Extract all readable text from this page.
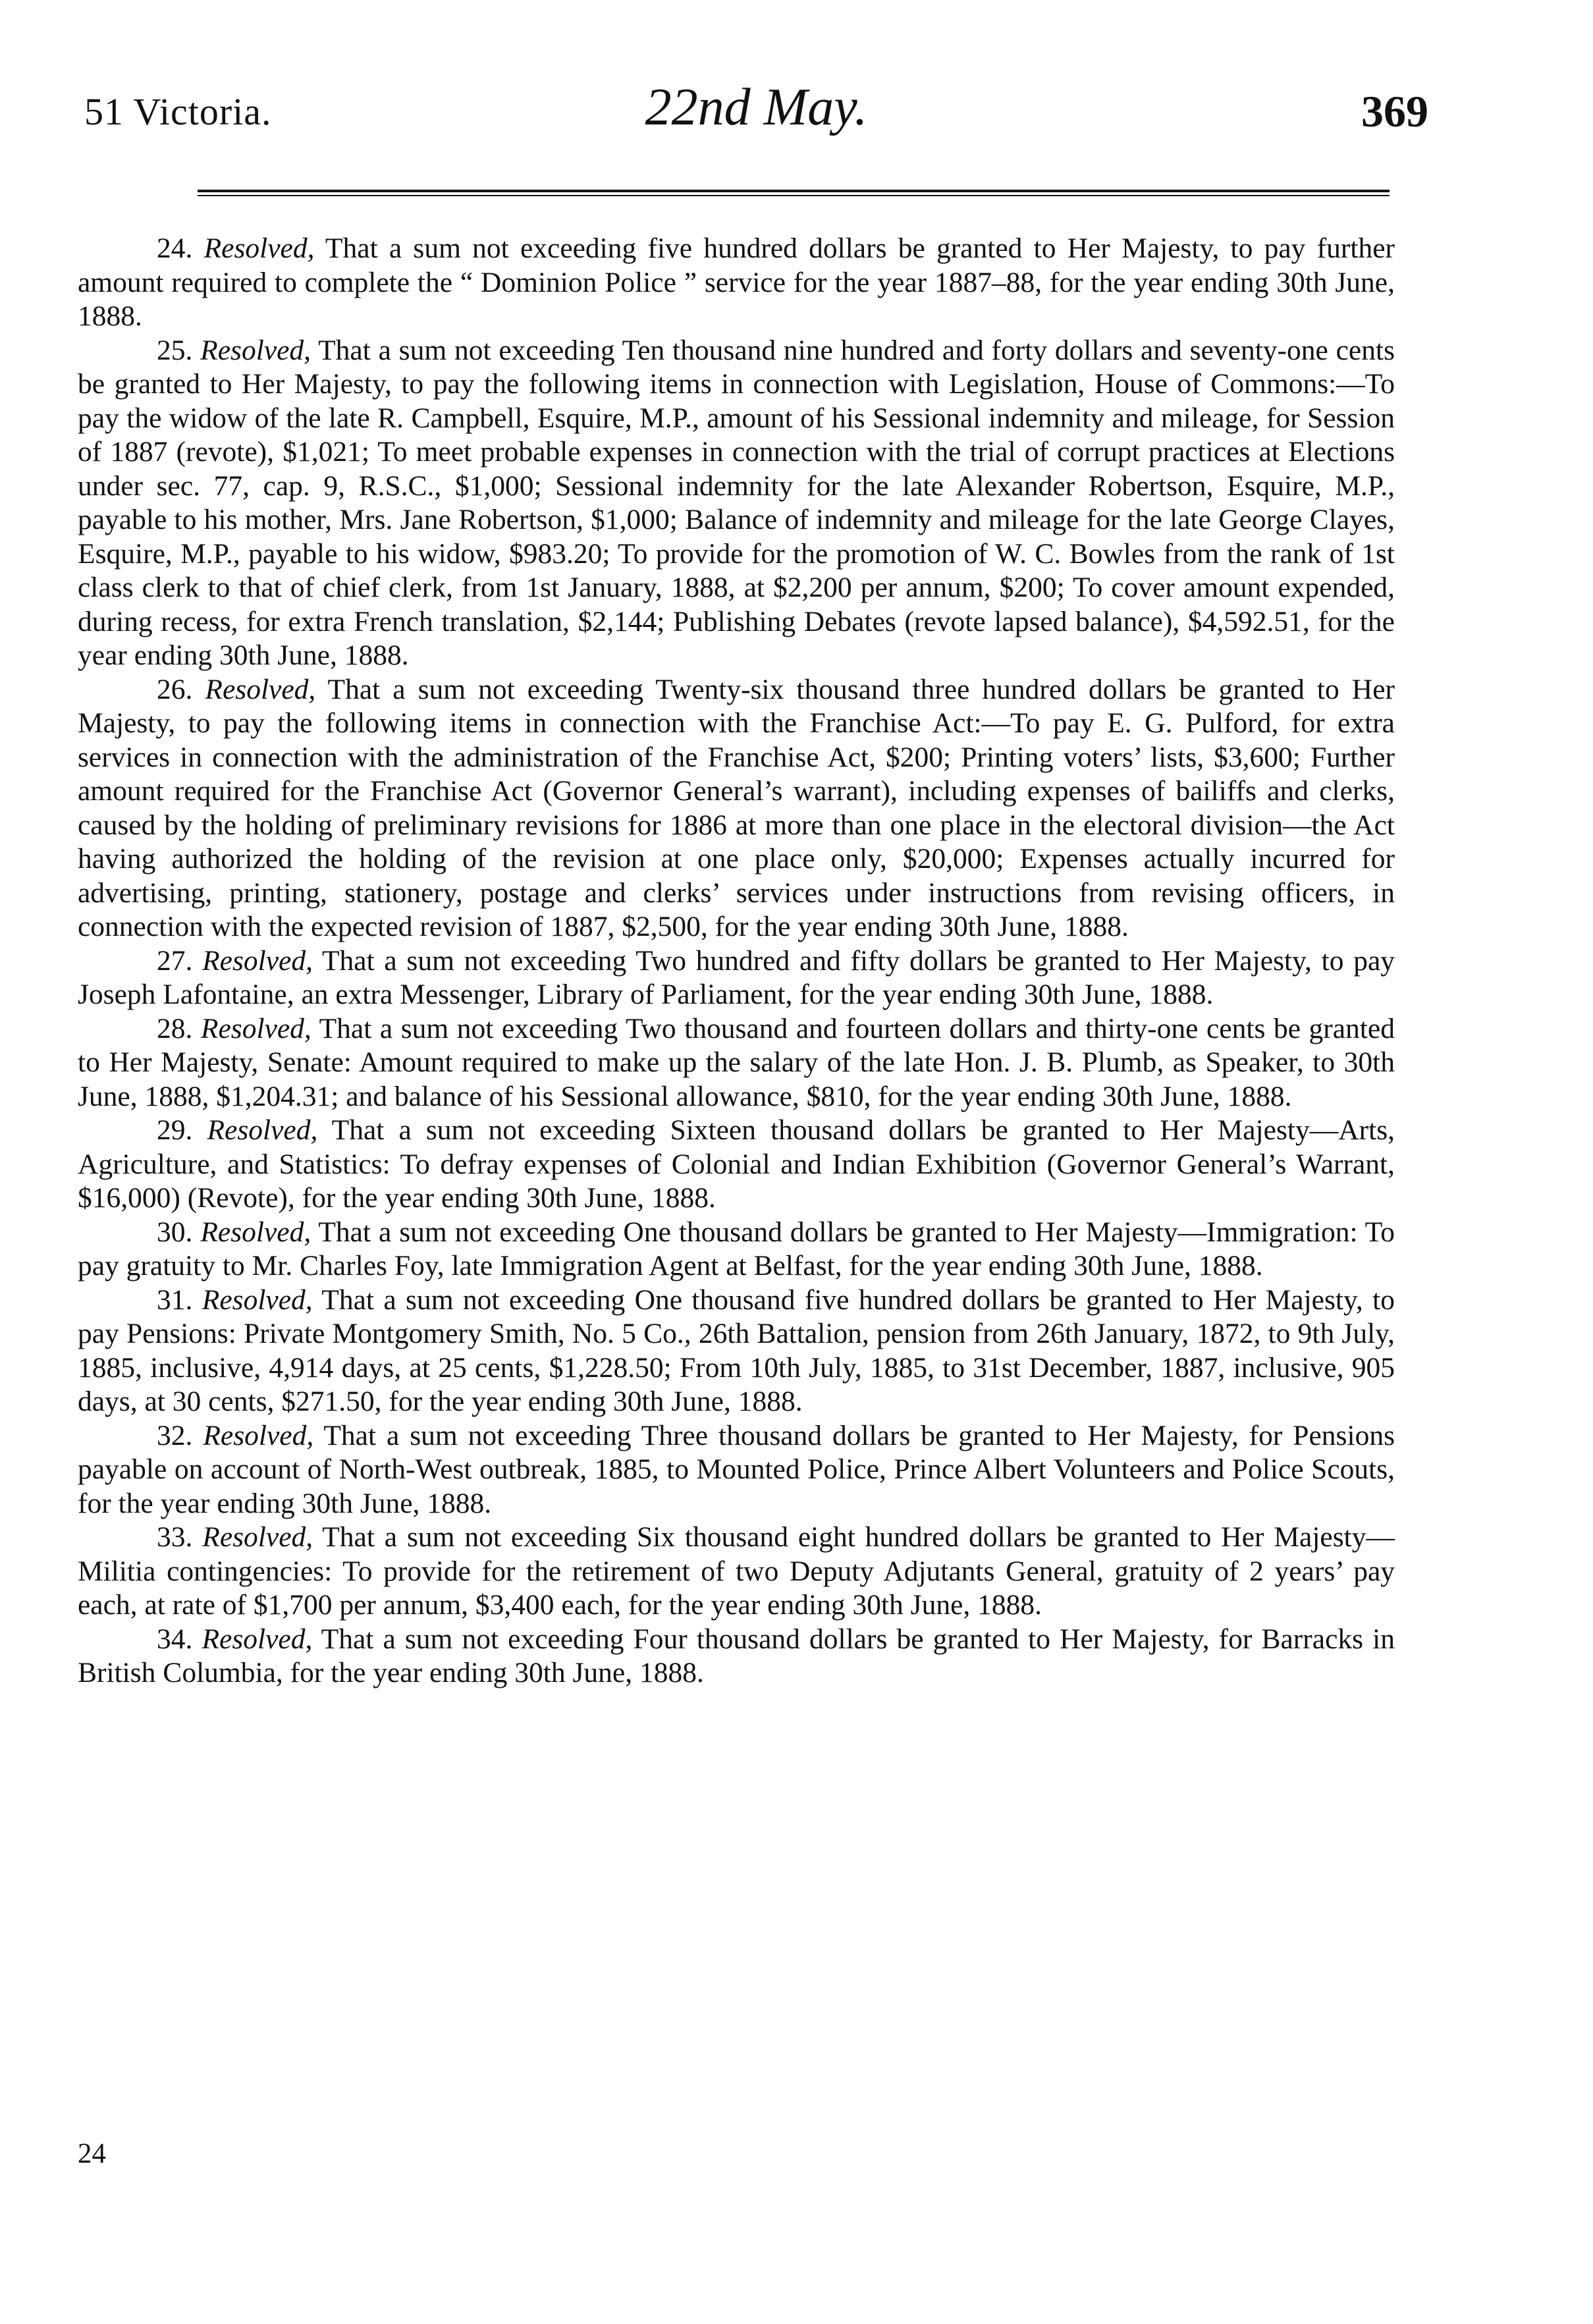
51 Victoria.	22nd May.	369

24. Resolved, That a sum not exceeding five hundred dollars be granted to Her Majesty, to pay further amount required to complete the “ Dominion Police ” service for the year 1887–88, for the year ending 30th June, 1888.

25. Resolved, That a sum not exceeding Ten thousand nine hundred and forty dollars and seventy-one cents be granted to Her Majesty, to pay the following items in connection with Legislation, House of Commons:—To pay the widow of the late R. Campbell, Esquire, M.P., amount of his Sessional indemnity and mileage, for Session of 1887 (revote), $1,021; To meet probable expenses in connection with the trial of corrupt practices at Elections under sec. 77, cap. 9, R.S.C., $1,000; Sessional indemnity for the late Alexander Robertson, Esquire, M.P., payable to his mother, Mrs. Jane Robertson, $1,000; Balance of indemnity and mileage for the late George Clayes, Esquire, M.P., payable to his widow, $983.20; To provide for the promotion of W. C. Bowles from the rank of 1st class clerk to that of chief clerk, from 1st January, 1888, at $2,200 per annum, $200; To cover amount expended, during recess, for extra French translation, $2,144; Publishing Debates (revote lapsed balance), $4,592.51, for the year ending 30th June, 1888.

26. Resolved, That a sum not exceeding Twenty-six thousand three hundred dollars be granted to Her Majesty, to pay the following items in connection with the Franchise Act:—To pay E. G. Pulford, for extra services in connection with the administration of the Franchise Act, $200; Printing voters’ lists, $3,600; Further amount required for the Franchise Act (Governor General’s warrant), including expenses of bailiffs and clerks, caused by the holding of preliminary revisions for 1886 at more than one place in the electoral division—the Act having authorized the holding of the revision at one place only, $20,000; Expenses actually incurred for advertising, printing, stationery, postage and clerks’ services under instructions from revising officers, in connection with the expected revision of 1887, $2,500, for the year ending 30th June, 1888.

27. Resolved, That a sum not exceeding Two hundred and fifty dollars be granted to Her Majesty, to pay Joseph Lafontaine, an extra Messenger, Library of Parliament, for the year ending 30th June, 1888.

28. Resolved, That a sum not exceeding Two thousand and fourteen dollars and thirty-one cents be granted to Her Majesty, Senate: Amount required to make up the salary of the late Hon. J. B. Plumb, as Speaker, to 30th June, 1888, $1,204.31; and balance of his Sessional allowance, $810, for the year ending 30th June, 1888.

29. Resolved, That a sum not exceeding Sixteen thousand dollars be granted to Her Majesty—Arts, Agriculture, and Statistics: To defray expenses of Colonial and Indian Exhibition (Governor General’s Warrant, $16,000) (Revote), for the year ending 30th June, 1888.

30. Resolved, That a sum not exceeding One thousand dollars be granted to Her Majesty—Immigration: To pay gratuity to Mr. Charles Foy, late Immigration Agent at Belfast, for the year ending 30th June, 1888.

31. Resolved, That a sum not exceeding One thousand five hundred dollars be granted to Her Majesty, to pay Pensions: Private Montgomery Smith, No. 5 Co., 26th Battalion, pension from 26th January, 1872, to 9th July, 1885, inclusive, 4,914 days, at 25 cents, $1,228.50; From 10th July, 1885, to 31st December, 1887, inclusive, 905 days, at 30 cents, $271.50, for the year ending 30th June, 1888.

32. Resolved, That a sum not exceeding Three thousand dollars be granted to Her Majesty, for Pensions payable on account of North-West outbreak, 1885, to Mounted Police, Prince Albert Volunteers and Police Scouts, for the year ending 30th June, 1888.

33. Resolved, That a sum not exceeding Six thousand eight hundred dollars be granted to Her Majesty—Militia contingencies: To provide for the retirement of two Deputy Adjutants General, gratuity of 2 years’ pay each, at rate of $1,700 per annum, $3,400 each, for the year ending 30th June, 1888.

34. Resolved, That a sum not exceeding Four thousand dollars be granted to Her Majesty, for Barracks in British Columbia, for the year ending 30th June, 1888.

24
